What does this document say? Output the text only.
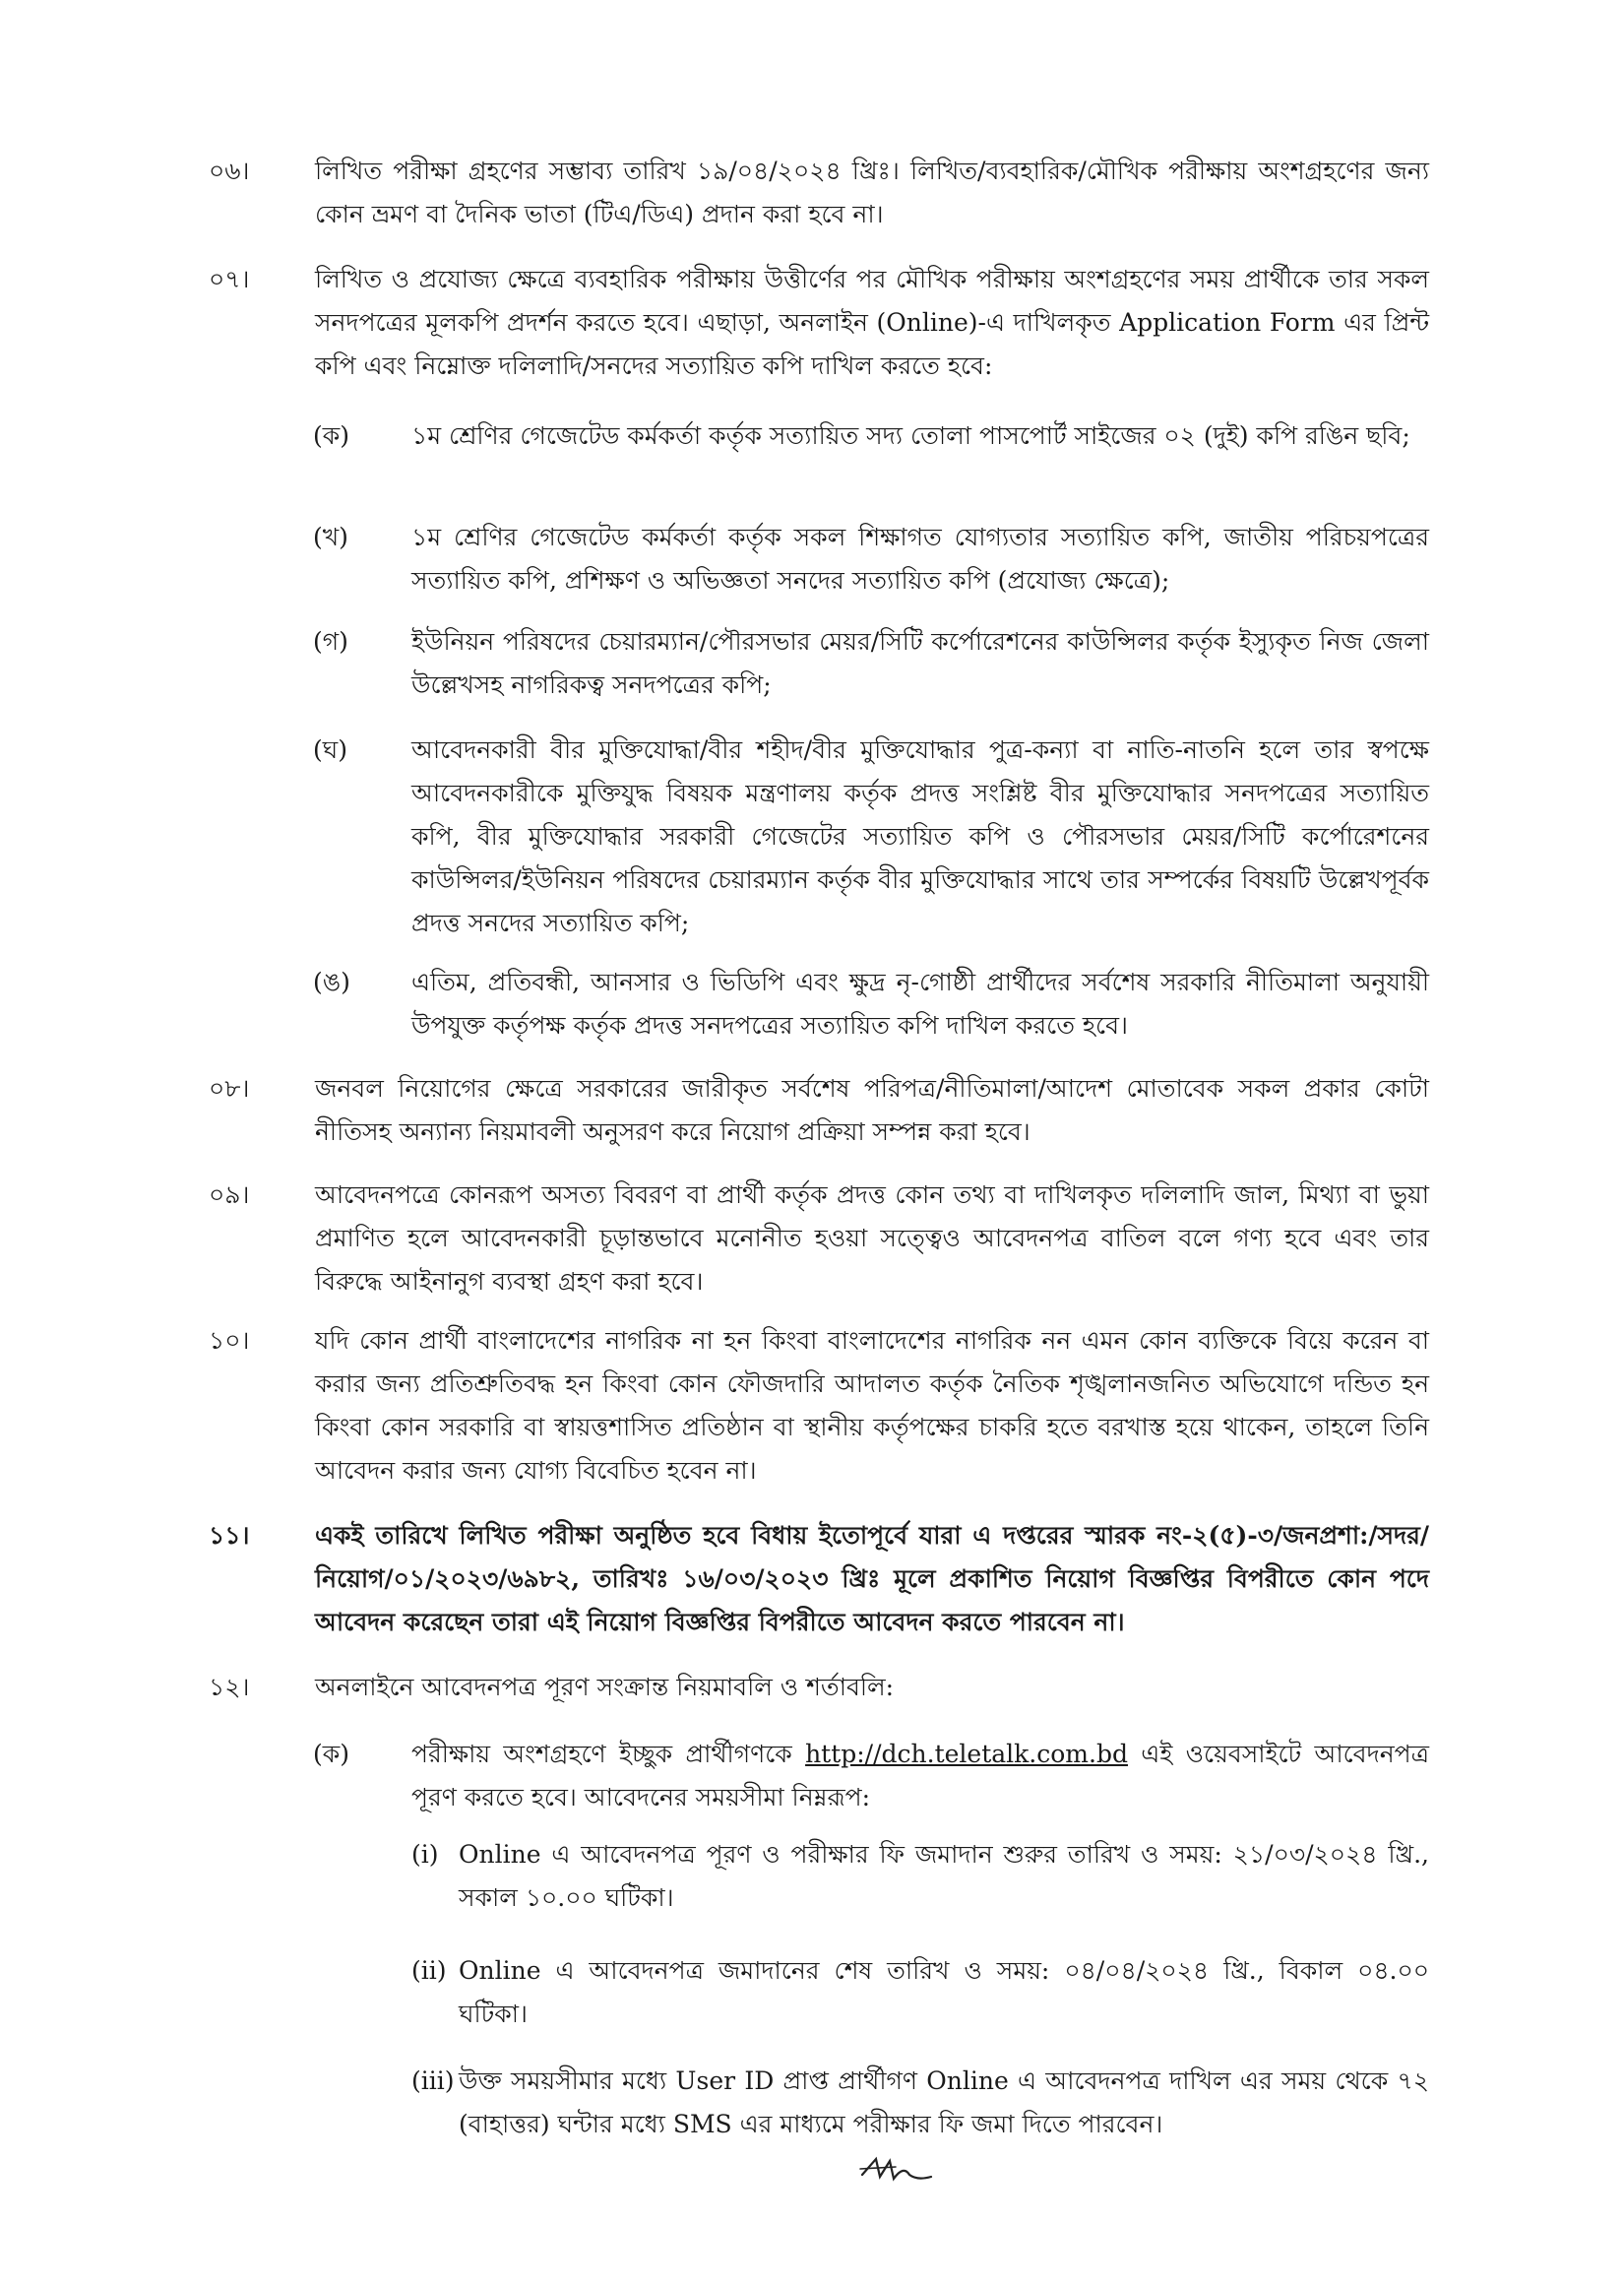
০৬।	লিখিত পরীক্ষা গ্রহণের সম্ভাব্য তারিখ ১৯/০৪/২০২৪ খ্রিঃ। লিখিত/ব্যবহারিক/মৌখিক পরীক্ষায় অংশগ্রহণের জন্য কোন ভ্রমণ বা দৈনিক ভাতা (টিএ/ডিএ) প্রদান করা হবে না।
০৭।	লিখিত ও প্রযোজ্য ক্ষেত্রে ব্যবহারিক পরীক্ষায় উত্তীর্ণের পর মৌখিক পরীক্ষায় অংশগ্রহণের সময় প্রার্থীকে তার সকল সনদপত্রের মূলকপি প্রদর্শন করতে হবে। এছাড়া, অনলাইন (Online)-এ দাখিলকৃত Application Form এর প্রিন্ট কপি এবং নিম্নোক্ত দলিলাদি/সনদের সত্যায়িত কপি দাখিল করতে হবে:
(ক)	১ম শ্রেণির গেজেটেড কর্মকর্তা কর্তৃক সত্যায়িত সদ্য তোলা পাসপোর্ট সাইজের ০২ (দুই) কপি রঙিন ছবি;
(খ)	১ম শ্রেণির গেজেটেড কর্মকর্তা কর্তৃক সকল শিক্ষাগত যোগ্যতার সত্যায়িত কপি, জাতীয় পরিচয়পত্রের সত্যায়িত কপি, প্রশিক্ষণ ও অভিজ্ঞতা সনদের সত্যায়িত কপি (প্রযোজ্য ক্ষেত্রে);
(গ)	ইউনিয়ন পরিষদের চেয়ারম্যান/পৌরসভার মেয়র/সিটি কর্পোরেশনের কাউন্সিলর কর্তৃক ইস্যুকৃত নিজ জেলা উল্লেখসহ নাগরিকত্ব সনদপত্রের কপি;
(ঘ)	আবেদনকারী বীর মুক্তিযোদ্ধা/বীর শহীদ/বীর মুক্তিযোদ্ধার পুত্র-কন্যা বা নাতি-নাতনি হলে তার স্বপক্ষে আবেদনকারীকে মুক্তিযুদ্ধ বিষয়ক মন্ত্রণালয় কর্তৃক প্রদত্ত সংশ্লিষ্ট বীর মুক্তিযোদ্ধার সনদপত্রের সত্যায়িত কপি, বীর মুক্তিযোদ্ধার সরকারী গেজেটের সত্যায়িত কপি ও পৌরসভার মেয়র/সিটি কর্পোরেশনের কাউন্সিলর/ইউনিয়ন পরিষদের চেয়ারম্যান কর্তৃক বীর মুক্তিযোদ্ধার সাথে তার সম্পর্কের বিষয়টি উল্লেখপূর্বক প্রদত্ত সনদের সত্যায়িত কপি;
(ঙ)	এতিম, প্রতিবন্ধী, আনসার ও ভিডিপি এবং ক্ষুদ্র নৃ-গোষ্ঠী প্রার্থীদের সর্বশেষ সরকারি নীতিমালা অনুযায়ী উপযুক্ত কর্তৃপক্ষ কর্তৃক প্রদত্ত সনদপত্রের সত্যায়িত কপি দাখিল করতে হবে।
০৮।	জনবল নিয়োগের ক্ষেত্রে সরকারের জারীকৃত সর্বশেষ পরিপত্র/নীতিমালা/আদেশ মোতাবেক সকল প্রকার কোটা নীতিসহ অন্যান্য নিয়মাবলী অনুসরণ করে নিয়োগ প্রক্রিয়া সম্পন্ন করা হবে।
০৯।	আবেদনপত্রে কোনরূপ অসত্য বিবরণ বা প্রার্থী কর্তৃক প্রদত্ত কোন তথ্য বা দাখিলকৃত দলিলাদি জাল, মিথ্যা বা ভুয়া প্রমাণিত হলে আবেদনকারী চূড়ান্তভাবে মনোনীত হওয়া সত্ত্বেও আবেদনপত্র বাতিল বলে গণ্য হবে এবং তার বিরুদ্ধে আইনানুগ ব্যবস্থা গ্রহণ করা হবে।
১০।	যদি কোন প্রার্থী বাংলাদেশের নাগরিক না হন কিংবা বাংলাদেশের নাগরিক নন এমন কোন ব্যক্তিকে বিয়ে করেন বা করার জন্য প্রতিশ্রুতিবদ্ধ হন কিংবা কোন ফৌজদারি আদালত কর্তৃক নৈতিক শৃঙ্খলানজনিত অভিযোগে দন্ডিত হন কিংবা কোন সরকারি বা স্বায়ত্তশাসিত প্রতিষ্ঠান বা স্থানীয় কর্তৃপক্ষের চাকরি হতে বরখাস্ত হয়ে থাকেন, তাহলে তিনি আবেদন করার জন্য যোগ্য বিবেচিত হবেন না।
১১।	একই তারিখে লিখিত পরীক্ষা অনুষ্ঠিত হবে বিধায় ইতোপূর্বে যারা এ দপ্তরের স্মারক নং-২(৫)-৩/জনপ্রশা:/সদর/নিয়োগ/০১/২০২৩/৬৯৮২, তারিখঃ ১৬/০৩/২০২৩ খ্রিঃ মূলে প্রকাশিত নিয়োগ বিজ্ঞপ্তির বিপরীতে কোন পদে আবেদন করেছেন তারা এই নিয়োগ বিজ্ঞপ্তির বিপরীতে আবেদন করতে পারবেন না।
১২।	অনলাইনে আবেদনপত্র পূরণ সংক্রান্ত নিয়মাবলি ও শর্তাবলি:
(ক)	পরীক্ষায় অংশগ্রহণে ইচ্ছুক প্রার্থীগণকে http://dch.teletalk.com.bd এই ওয়েবসাইটে আবেদনপত্র পূরণ করতে হবে। আবেদনের সময়সীমা নিম্নরূপ:
(i) Online এ আবেদনপত্র পূরণ ও পরীক্ষার ফি জমাদান শুরুর তারিখ ও সময়: ২১/০৩/২০২৪ খ্রি., সকাল ১০.০০ ঘটিকা।
(ii) Online এ আবেদনপত্র জমাদানের শেষ তারিখ ও সময়: ০৪/০৪/২০২৪ খ্রি., বিকাল ০৪.০০ ঘটিকা।
(iii) উক্ত সময়সীমার মধ্যে User ID প্রাপ্ত প্রার্থীগণ Online এ আবেদনপত্র দাখিল এর সময় থেকে ৭২ (বাহাত্তর) ঘন্টার মধ্যে SMS এর মাধ্যমে পরীক্ষার ফি জমা দিতে পারবেন।
